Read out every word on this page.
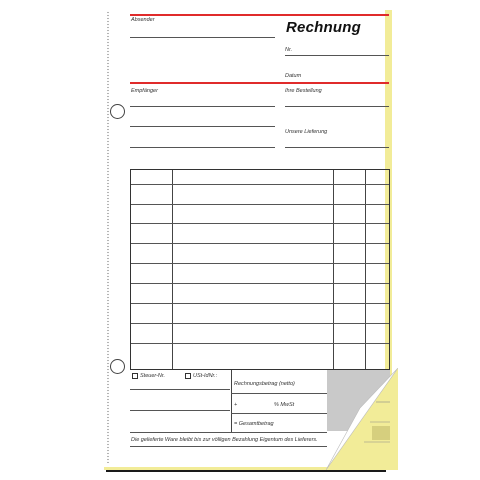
Absender	Rechnung
Nr.
Datum
Empfänger	Ihre Bestellung
Unsere Lieferung
Steuer-Nr.	USt-IdNr.:
Rechnungsbetrag (netto)
+	% MwSt
= Gesamtbetrag
Die gelieferte Ware bleibt bis zur völligen Bezahlung Eigentum des Lieferers.
